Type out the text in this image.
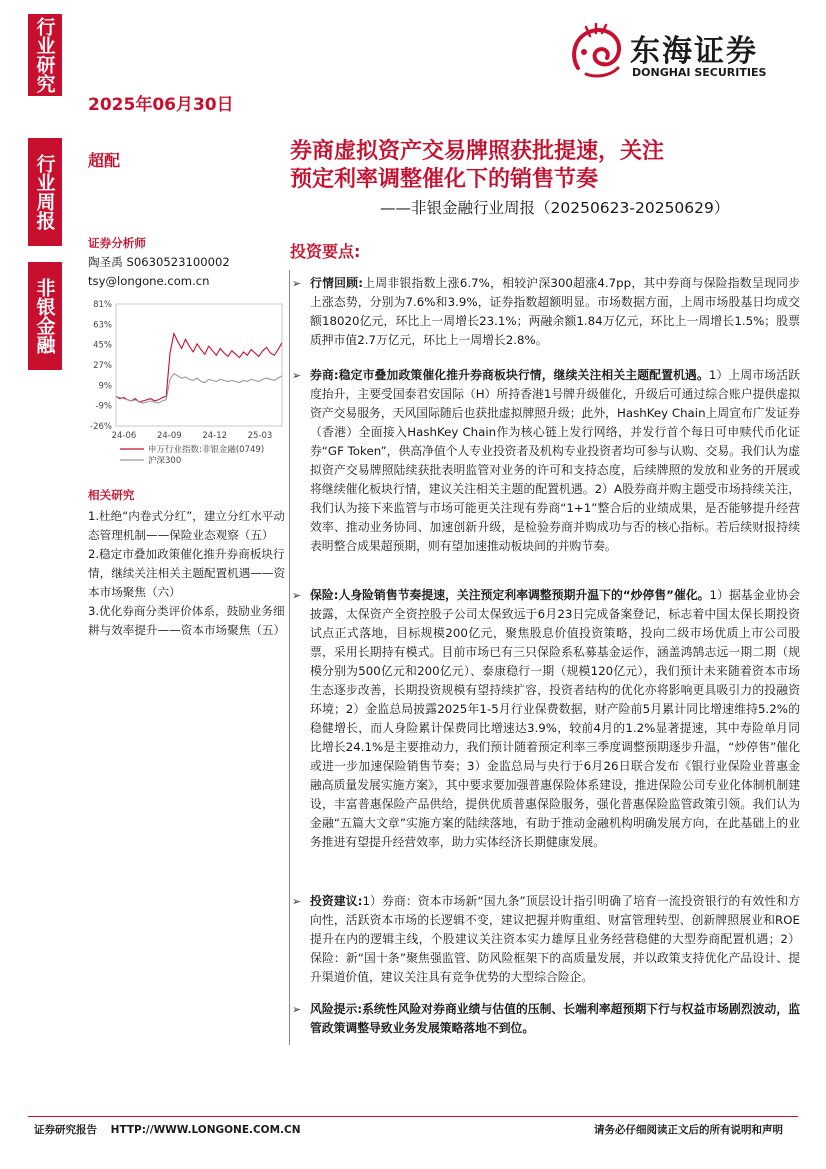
行业研究
行业周报
非银金融
2025年06月30日
东海证券
DONGHAI SECURITIES
超配	券商虚拟资产交易牌照获批提速，关注
预定利率调整催化下的销售节奏
——非银金融行业周报（20250623-20250629）
证券分析师
陶圣禹 S0630523100002
tsy@longone.com.cn
81%
63%
45%
27%
9%
-9%
-26%
24-06 24-09 24-12 25-03
申万行业指数:非银金融(0749)
沪深300
相关研究
1.杜绝“内卷式分红”，建立分红水平动态管理机制——保险业态观察（五）
2.稳定市叠加政策催化推升券商板块行情，继续关注相关主题配置机遇——资本市场聚焦（六）
3.优化券商分类评价体系，鼓励业务细耕与效率提升——资本市场聚焦（五）
投资要点:
➢ 行情回顾:上周非银指数上涨6.7%，相较沪深300超涨4.7pp，其中券商与保险指数呈现同步上涨态势，分别为7.6%和3.9%，证券指数超额明显。市场数据方面，上周市场股基日均成交额18020亿元，环比上一周增长23.1%；两融余额1.84万亿元，环比上一周增长1.5%；股票质押市值2.7万亿元，环比上一周增长2.8%。
➢ 券商:稳定市叠加政策催化推升券商板块行情，继续关注相关主题配置机遇。1）上周市场活跃度抬升，主要受国泰君安国际（H）所持香港1号牌升级催化，升级后可通过综合账户提供虚拟资产交易服务，天风国际随后也获批虚拟牌照升级；此外，HashKey Chain上周宣布广发证券（香港）全面接入HashKey Chain作为核心链上发行网络，并发行首个每日可申赎代币化证券“GF Token”，供高净值个人专业投资者及机构专业投资者均可参与认购、交易。我们认为虚拟资产交易牌照陆续获批表明监管对业务的许可和支持态度，后续牌照的发放和业务的开展或将继续催化板块行情，建议关注相关主题的配置机遇。2）A股券商并购主题受市场持续关注，我们认为接下来监管与市场可能更关注现有券商“1+1”整合后的业绩成果，是否能够提升经营效率、推动业务协同、加速创新升级，是检验券商并购成功与否的核心指标。若后续财报持续表明整合成果超预期，则有望加速推动板块间的并购节奏。
➢ 保险:人身险销售节奏提速，关注预定利率调整预期升温下的“炒停售”催化。1）据基金业协会披露，太保资产全资控股子公司太保致远于6月23日完成备案登记，标志着中国太保长期投资试点正式落地，目标规模200亿元，聚焦股息价值投资策略，投向二级市场优质上市公司股票，采用长期持有模式。目前市场已有三只保险系私募基金运作，涵盖鸿鹄志远一期二期（规模分别为500亿元和200亿元）、泰康稳行一期（规模120亿元），我们预计未来随着资本市场生态逐步改善，长期投资规模有望持续扩容，投资者结构的优化亦将影响更具吸引力的投融资环境；2）金监总局披露2025年1-5月行业保费数据，财产险前5月累计同比增速维持5.2%的稳健增长，而人身险累计保费同比增速达3.9%，较前4月的1.2%显著提速，其中寿险单月同比增长24.1%是主要推动力，我们预计随着预定利率三季度调整预期逐步升温，“炒停售”催化或进一步加速保险销售节奏；3）金监总局与央行于6月26日联合发布《银行业保险业普惠金融高质量发展实施方案》，其中要求要加强普惠保险体系建设，推进保险公司专业化体制机制建设，丰富普惠保险产品供给，提供优质普惠保险服务，强化普惠保险监管政策引领。我们认为金融“五篇大文章”实施方案的陆续落地，有助于推动金融机构明确发展方向，在此基础上的业务推进有望提升经营效率，助力实体经济长期健康发展。
➢ 投资建议:1）券商：资本市场新“国九条”顶层设计指引明确了培育一流投资银行的有效性和方向性，活跃资本市场的长逻辑不变，建议把握并购重组、财富管理转型、创新牌照展业和ROE提升在内的逻辑主线，个股建议关注资本实力雄厚且业务经营稳健的大型券商配置机遇；2）保险：新“国十条”聚焦强监管、防风险框架下的高质量发展，并以政策支持优化产品设计、提升渠道价值，建议关注具有竞争优势的大型综合险企。
➢ 风险提示:系统性风险对券商业绩与估值的压制、长端利率超预期下行与权益市场剧烈波动，监管政策调整导致业务发展策略落地不到位。
证券研究报告 HTTP://WWW.LONGONE.COM.CN	请务必仔细阅读正文后的所有说明和声明
